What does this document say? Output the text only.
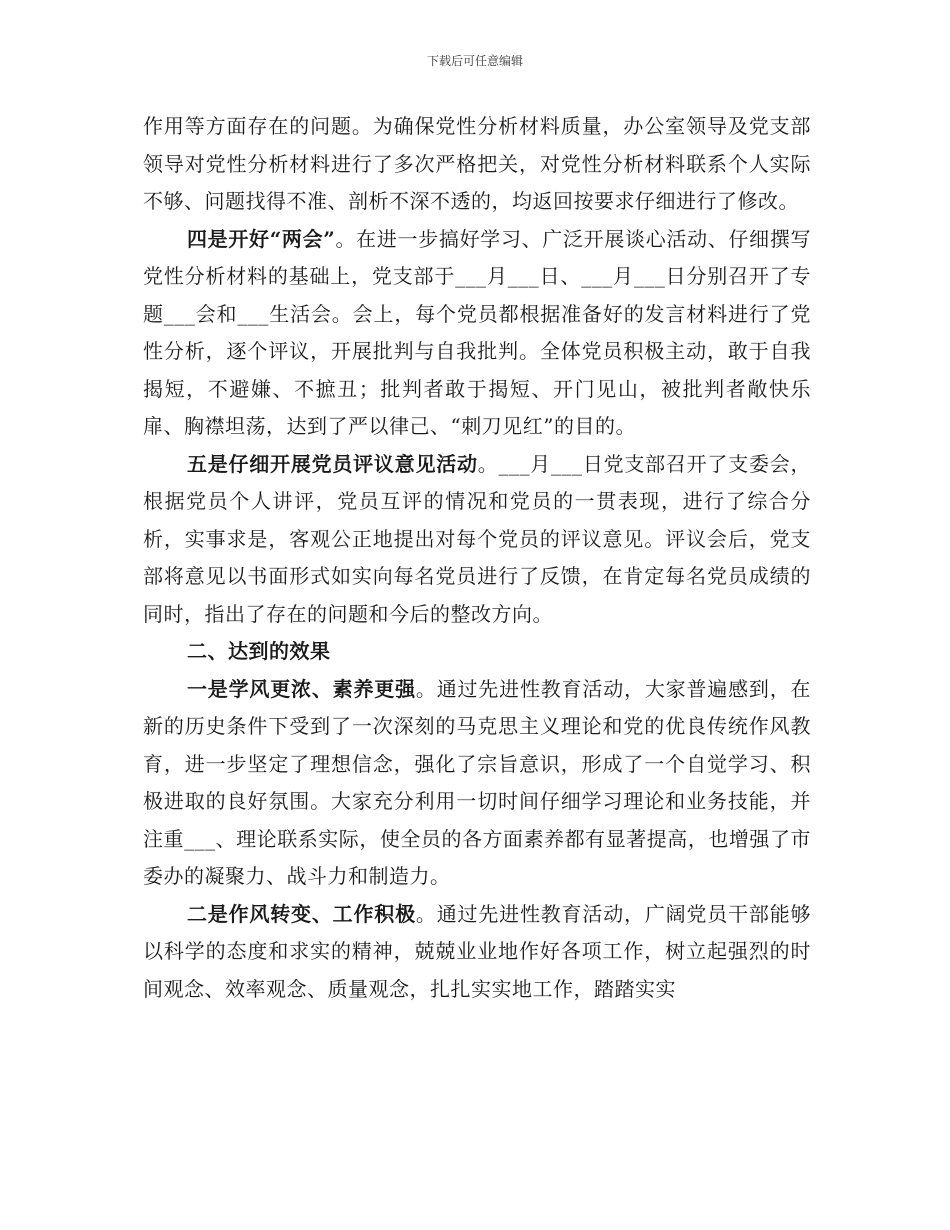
下载后可任意编辑

作用等方面存在的问题。为确保党性分析材料质量，办公室领导及党支部领导对党性分析材料进行了多次严格把关，对党性分析材料联系个人实际不够、问题找得不准、剖析不深不透的，均返回按要求仔细进行了修改。

四是开好“两会”。在进一步搞好学习、广泛开展谈心活动、仔细撰写党性分析材料的基础上，党支部于___月___日、___月___日分别召开了专题___会和___生活会。会上，每个党员都根据准备好的发言材料进行了党性分析，逐个评议，开展批判与自我批判。全体党员积极主动，敢于自我揭短，不避嫌、不摭丑；批判者敢于揭短、开门见山，被批判者敞快乐扉、胸襟坦荡，达到了严以律己、“刺刀见红”的目的。

五是仔细开展党员评议意见活动。___月___日党支部召开了支委会，根据党员个人讲评，党员互评的情况和党员的一贯表现，进行了综合分析，实事求是，客观公正地提出对每个党员的评议意见。评议会后，党支部将意见以书面形式如实向每名党员进行了反馈，在肯定每名党员成绩的同时，指出了存在的问题和今后的整改方向。

二、达到的效果

一是学风更浓、素养更强。通过先进性教育活动，大家普遍感到，在新的历史条件下受到了一次深刻的马克思主义理论和党的优良传统作风教育，进一步坚定了理想信念，强化了宗旨意识，形成了一个自觉学习、积极进取的良好氛围。大家充分利用一切时间仔细学习理论和业务技能，并注重___、理论联系实际，使全员的各方面素养都有显著提高，也增强了市委办的凝聚力、战斗力和制造力。

二是作风转变、工作积极。通过先进性教育活动，广阔党员干部能够以科学的态度和求实的精神，兢兢业业地作好各项工作，树立起强烈的时间观念、效率观念、质量观念，扎扎实实地工作，踏踏实实
